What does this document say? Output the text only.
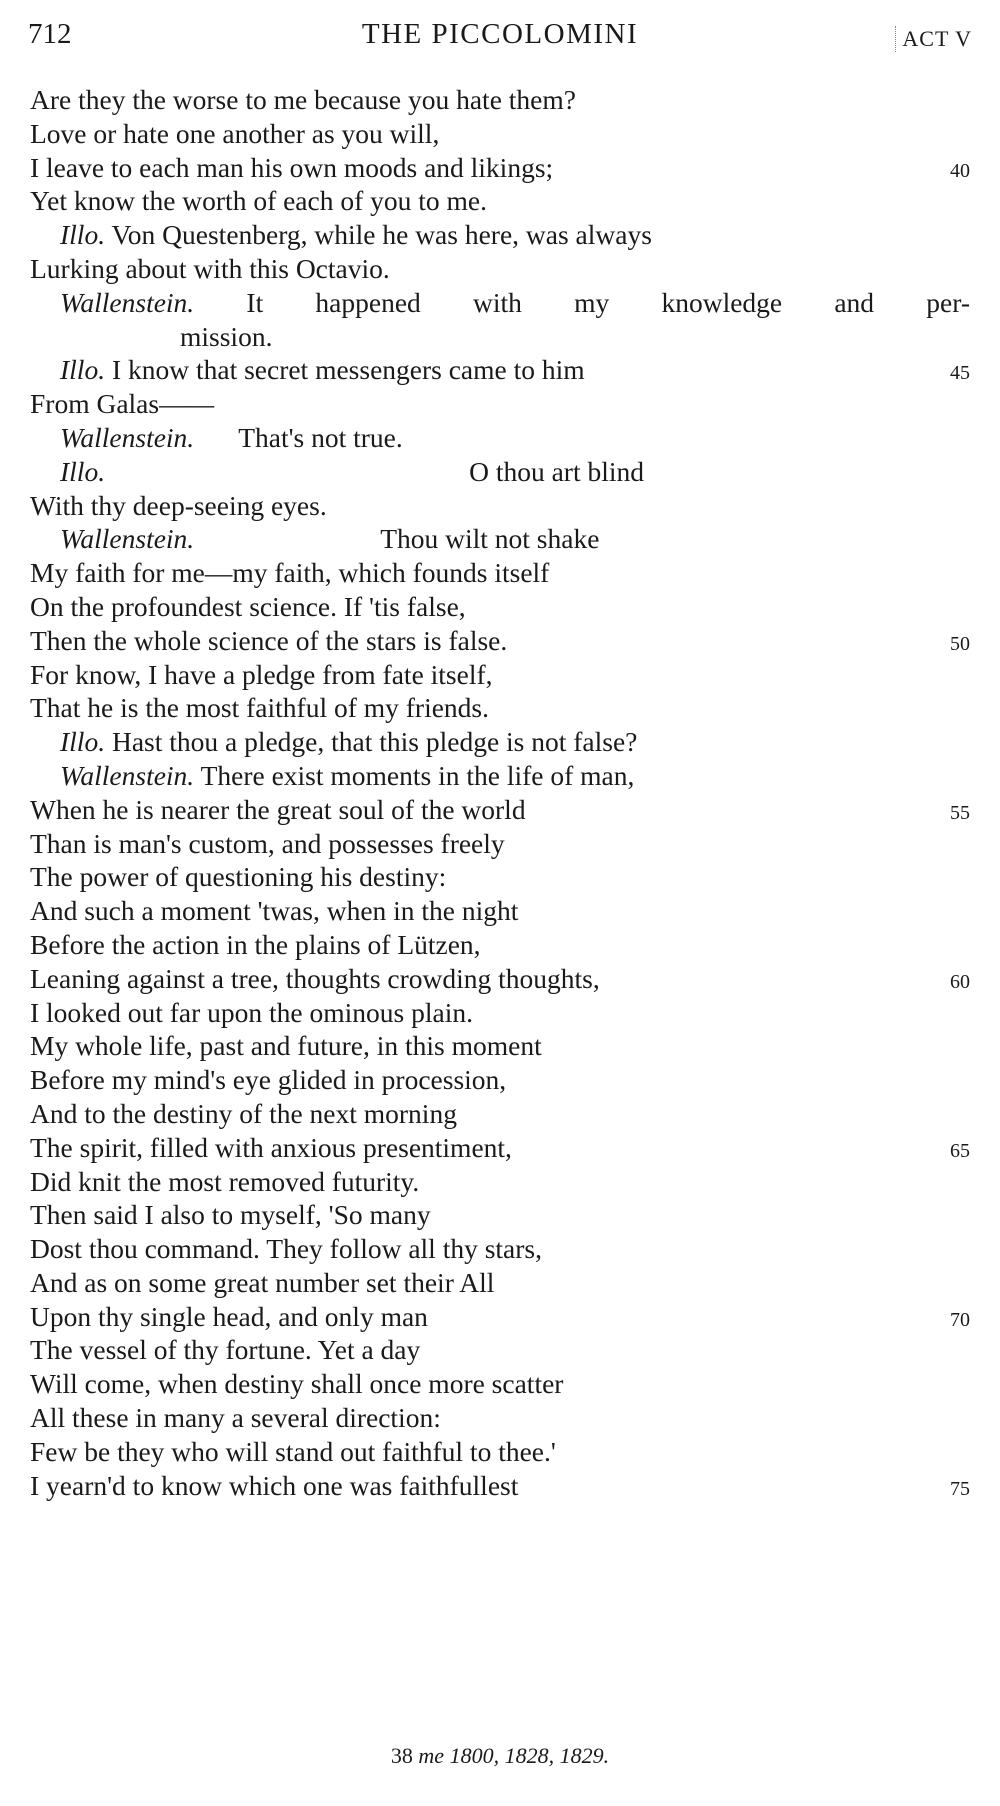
712	THE PICCOLOMINI	ACT V
Are they the worse to me because you hate them?
Love or hate one another as you will,
I leave to each man his own moods and likings;	40
Yet know the worth of each of you to me.
Illo. Von Questenberg, while he was here, was always
Lurking about with this Octavio.
Wallenstein. It happened with my knowledge and per-
mission.
Illo. I know that secret messengers came to him	45
From Galas——
Wallenstein. That's not true.
Illo.	O thou art blind
With thy deep-seeing eyes.
Wallenstein.	Thou wilt not shake
My faith for me—my faith, which founds itself
On the profoundest science. If 'tis false,
Then the whole science of the stars is false.	50
For know, I have a pledge from fate itself,
That he is the most faithful of my friends.
Illo. Hast thou a pledge, that this pledge is not false?
Wallenstein. There exist moments in the life of man,
When he is nearer the great soul of the world	55
Than is man's custom, and possesses freely
The power of questioning his destiny:
And such a moment 'twas, when in the night
Before the action in the plains of Lützen,
Leaning against a tree, thoughts crowding thoughts,	60
I looked out far upon the ominous plain.
My whole life, past and future, in this moment
Before my mind's eye glided in procession,
And to the destiny of the next morning
The spirit, filled with anxious presentiment,	65
Did knit the most removed futurity.
Then said I also to myself, 'So many
Dost thou command. They follow all thy stars,
And as on some great number set their All
Upon thy single head, and only man	70
The vessel of thy fortune. Yet a day
Will come, when destiny shall once more scatter
All these in many a several direction:
Few be they who will stand out faithful to thee.'
I yearn'd to know which one was faithfullest	75
38 me 1800, 1828, 1829.
